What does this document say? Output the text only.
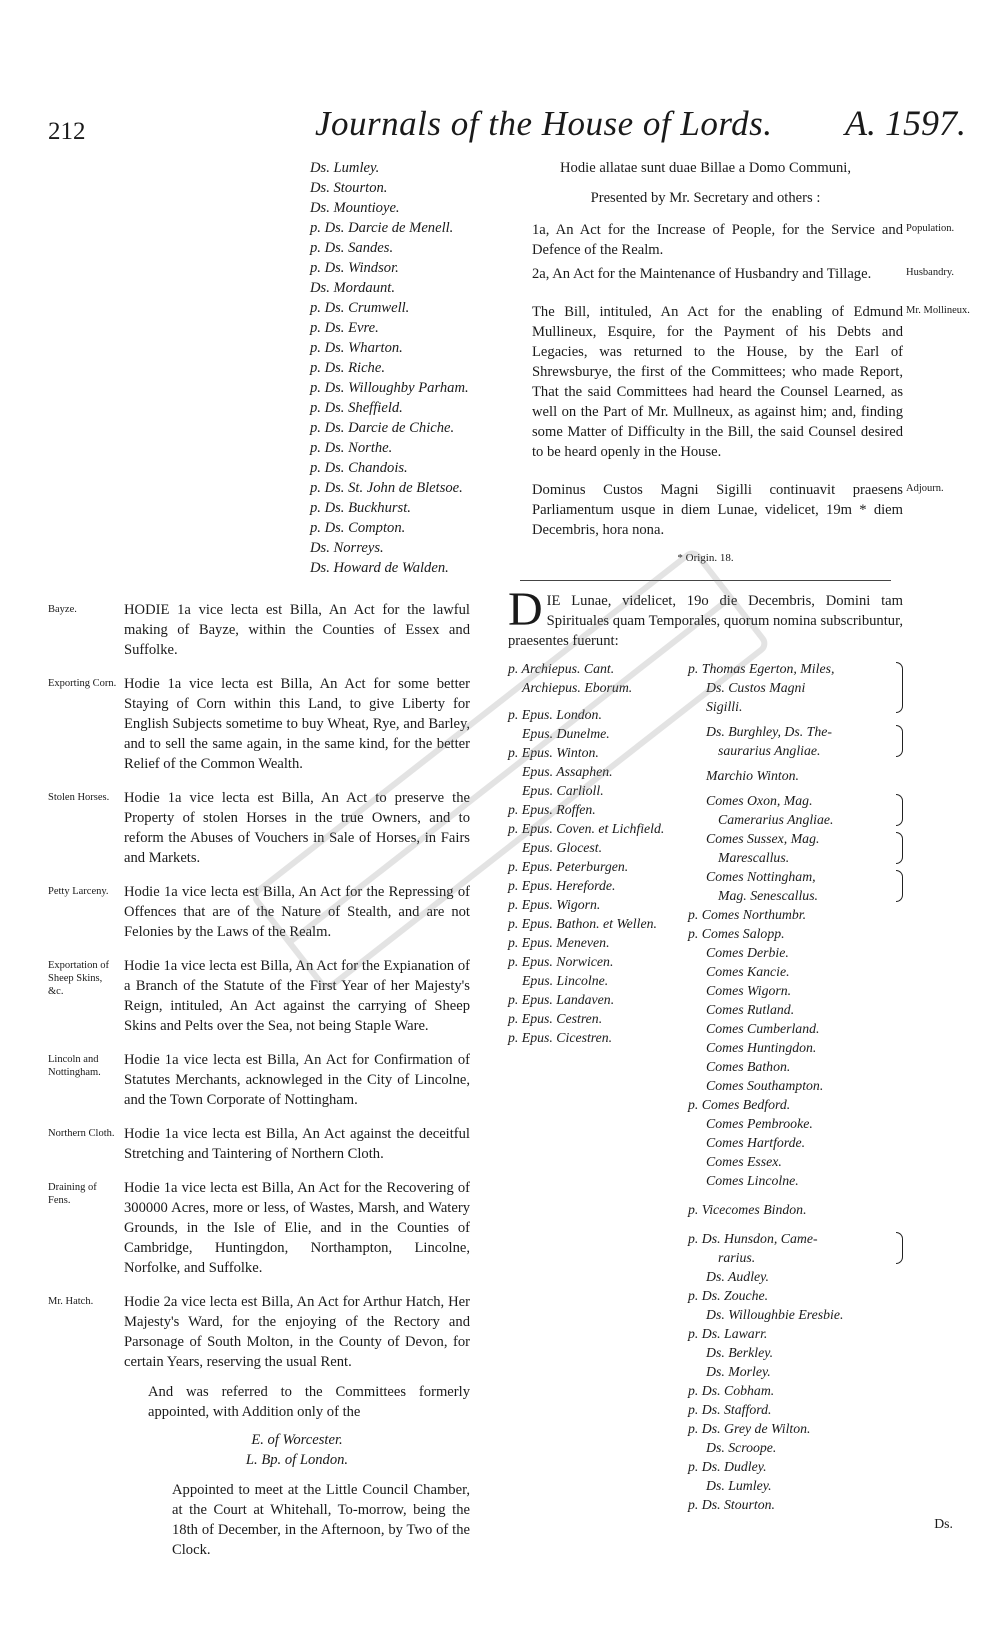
212	Journals of the House of Lords. A. 1597.
Ds. Lumley.
Ds. Stourton.
Ds. Mountioye.
p. Ds. Darcie de Menell.
p. Ds. Sandes.
p. Ds. Windsor.
Ds. Mordaunt.
p. Ds. Crumwell.
p. Ds. Evre.
p. Ds. Wharton.
p. Ds. Riche.
p. Ds. Willoughby Parham.
p. Ds. Sheffield.
p. Ds. Darcie de Chiche.
p. Ds. Northe.
p. Ds. Chandois.
p. Ds. St. John de Bletsoe.
p. Ds. Buckhurst.
p. Ds. Compton.
Ds. Norreys.
Ds. Howard de Walden.
Bayze.	HODIE 1a vice lecta est Billa, An Act for the lawful making of Bayze, within the Counties of Essex and Suffolke.
Exporting Corn. Hodie 1a vice lecta est Billa, An Act for some better Staying of Corn within this Land, to give Liberty for English Subjects sometime to buy Wheat, Rye, and Barley, and to sell the same again, in the same kind, for the better Relief of the Common Wealth.
Stolen Horses.	Hodie 1a vice lecta est Billa, An Act to preserve the Property of stolen Horses in the true Owners, and to reform the Abuses of Vouchers in Sale of Horses, in Fairs and Markets.
Petty Larceny.	Hodie 1a vice lecta est Billa, An Act for the Repressing of Offences that are of the Nature of Stealth, and are not Felonies by the Laws of the Realm.
Exportation of Sheep Skins, &c.
Hodie 1a vice lecta est Billa, An Act for the Expianation of a Branch of the Statute of the First Year of her Majesty's Reign, intituled, An Act against the carrying of Sheep Skins and Pelts over the Sea, not being Staple Ware.
Lincoln and Nottingham.
Hodie 1a vice lecta est Billa, An Act for Confirmation of Statutes Merchants, acknowleged in the City of Lincolne, and the Town Corporate of Nottingham.
Northern Cloth. Hodie 1a vice lecta est Billa, An Act against the deceitful Stretching and Taintering of Northern Cloth.
Draining of Fens.
Hodie 1a vice lecta est Billa, An Act for the Recovering of 300000 Acres, more or less, of Wastes, Marsh, and Watery Grounds, in the Isle of Elie, and in the Counties of Cambridge, Huntingdon, Northampton, Lincolne, Norfolke, and Suffolke.
Mr. Hatch.	Hodie 2a vice lecta est Billa, An Act for Arthur Hatch, Her Majesty's Ward, for the enjoying of the Rectory and Parsonage of South Molton, in the County of Devon, for certain Years, reserving the usual Rent.
And was referred to the Committees formerly appointed, with Addition only of the
E. of Worcester.
L. Bp. of London.
Appointed to meet at the Little Council Chamber, at the Court at Whitehall, To-morrow, being the 18th of December, in the Afternoon, by Two of the Clock.
Hodie allatae sunt duae Billae a Domo Communi,
Presented by Mr. Secretary and others :
1a, An Act for the Increase of People, for the Service and Defence of the Realm.
Population.
2a, An Act for the Maintenance of Husbandry and Tillage.	Husbandry.
The Bill, intituled, An Act for the enabling of Edmund Mullineux, Esquire, for the Payment of his Debts and Legacies, was returned to the House, by the Earl of Shrewsburye, the first of the Committees; who made Report, That the said Committees had heard the Counsel Learned, as well on the Part of Mr. Mullneux, as against him; and, finding some Matter of Difficulty in the Bill, the said Counsel desired to be heard openly in the House.
Mr. Mollineux.
Dominus Custos Magni Sigilli continuavit praesens Parliamentum usque in diem Lunae, videlicet, 19m * diem Decembris, hora nona.
Adjourn.
* Origin. 18.
D IE Lunae, videlicet, 19o die Decembris, Domini tam Spirituales quam Temporales, quorum nomina subscribuntur, praesentes fuerunt:
p. Archiepus. Cant.
Archiepus. Eborum.
p. Epus. London.
Epus. Dunelme.
p. Epus. Winton.
Epus. Assaphen.
Epus. Carlioll.
p. Epus. Roffen.
p. Epus. Coven. et Lichfield.
Epus. Glocest.
p. Epus. Peterburgen.
p. Epus. Hereforde.
p. Epus. Wigorn.
p. Epus. Bathon. et Wellen.
p. Epus. Meneven.
p. Epus. Norwicen.
Epus. Lincolne.
p. Epus. Landaven.
p. Epus. Cestren.
p. Epus. Cicestren.
p. Thomas Egerton, Miles,
Ds. Custos Magni
Sigilli.
Ds. Burghley, Ds. The-
saurarius Angliae.
Marchio Winton.
Comes Oxon, Mag.
Camerarius Angliae.
Comes Sussex, Mag.
Marescallus.
Comes Nottingham,
Mag. Senescallus.
p. Comes Northumbr.
p. Comes Salopp.
Comes Derbie.
Comes Kancie.
Comes Wigorn.
Comes Rutland.
Comes Cumberland.
Comes Huntingdon.
Comes Bathon.
Comes Southampton.
p. Comes Bedford.
Comes Pembrooke.
Comes Hartforde.
Comes Essex.
Comes Lincolne.
p. Vicecomes Bindon.
p. Ds. Hunsdon, Came-
rarius.
Ds. Audley.
p. Ds. Zouche.
Ds. Willoughbie Eresbie.
p. Ds. Lawarr.
Ds. Berkley.
Ds. Morley.
p. Ds. Cobham.
p. Ds. Stafford.
p. Ds. Grey de Wilton.
Ds. Scroope.
p. Ds. Dudley.
Ds. Lumley.
p. Ds. Stourton.
Ds.
